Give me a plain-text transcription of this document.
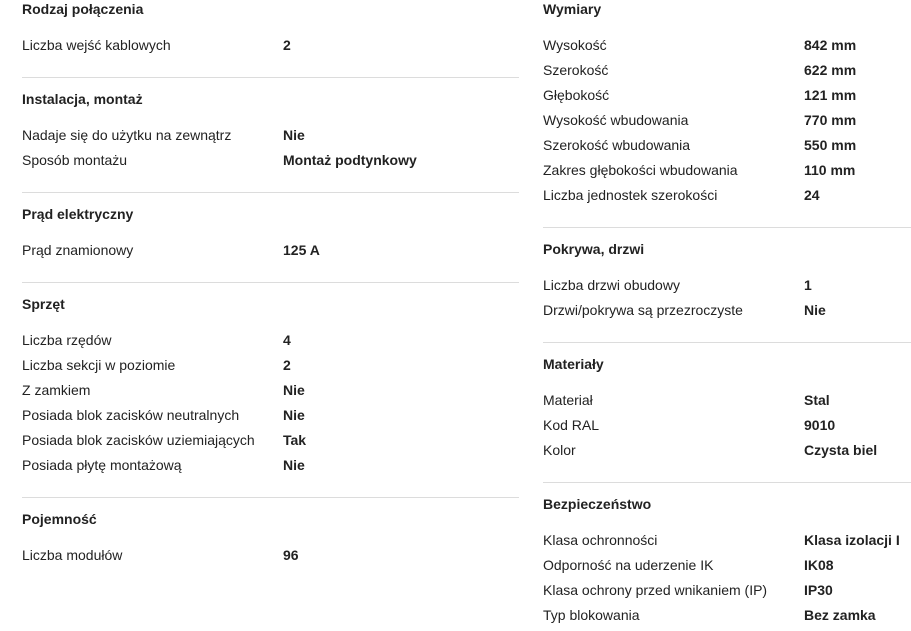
Rodzaj połączenia
Liczba wejść kablowych	2
Instalacja, montaż
Nadaje się do użytku na zewnątrz	Nie
Sposób montażu	Montaż podtynkowy
Prąd elektryczny
Prąd znamionowy	125 A
Sprzęt
Liczba rzędów	4
Liczba sekcji w poziomie	2
Z zamkiem	Nie
Posiada blok zacisków neutralnych	Nie
Posiada blok zacisków uziemiających	Tak
Posiada płytę montażową	Nie
Pojemność
Liczba modułów	96
Wymiary
Wysokość	842 mm
Szerokość	622 mm
Głębokość	121 mm
Wysokość wbudowania	770 mm
Szerokość wbudowania	550 mm
Zakres głębokości wbudowania	110 mm
Liczba jednostek szerokości	24
Pokrywa, drzwi
Liczba drzwi obudowy	1
Drzwi/pokrywa są przezroczyste	Nie
Materiały
Materiał	Stal
Kod RAL	9010
Kolor	Czysta biel
Bezpieczeństwo
Klasa ochronności	Klasa izolacji I
Odporność na uderzenie IK	IK08
Klasa ochrony przed wnikaniem (IP)	IP30
Typ blokowania	Bez zamka
